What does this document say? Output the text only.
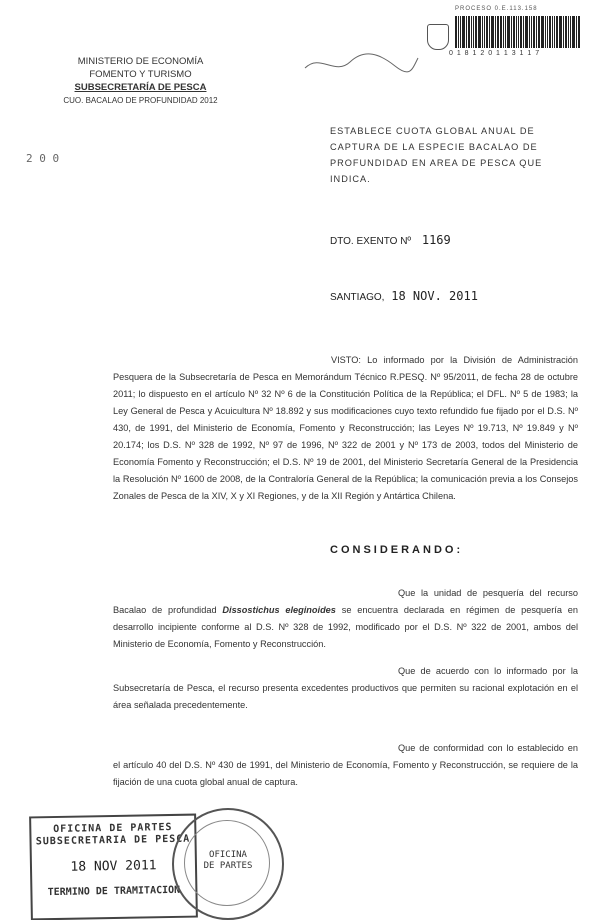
MINISTERIO DE ECONOMÍA
FOMENTO Y TURISMO
SUBSECRETARÍA DE PESCA
CUO. BACALAO DE PROFUNDIDAD 2012
PROCESO 0.E.113.158
0 1 8 1 2 0 1 1 3 1 1 7
2 0 0
ESTABLECE CUOTA GLOBAL ANUAL DE CAPTURA DE LA ESPECIE BACALAO DE PROFUNDIDAD EN AREA DE PESCA QUE INDICA.
DTO. EXENTO Nº 1169
SANTIAGO, 18 NOV. 2011
VISTO: Lo informado por la División de Administración Pesquera de la Subsecretaría de Pesca en Memorándum Técnico R.PESQ. Nº 95/2011, de fecha 28 de octubre 2011; lo dispuesto en el artículo Nº 32 Nº 6 de la Constitución Política de la República; el DFL. Nº 5 de 1983; la Ley General de Pesca y Acuicultura Nº 18.892 y sus modificaciones cuyo texto refundido fue fijado por el D.S. Nº 430, de 1991, del Ministerio de Economía, Fomento y Reconstrucción; las Leyes Nº 19.713, Nº 19.849 y Nº 20.174; los D.S. Nº 328 de 1992, Nº 97 de 1996, Nº 322 de 2001 y Nº 173 de 2003, todos del Ministerio de Economía Fomento y Reconstrucción; el D.S. Nº 19 de 2001, del Ministerio Secretaría General de la Presidencia la Resolución Nº 1600 de 2008, de la Contraloría General de la República; la comunicación previa a los Consejos Zonales de Pesca de la XIV, X y XI Regiones, y de la XII Región y Antártica Chilena.
CONSIDERANDO:
Que la unidad de pesquería del recurso Bacalao de profundidad Dissostichus eleginoides se encuentra declarada en régimen de pesquería en desarrollo incipiente conforme al D.S. Nº 328 de 1992, modificado por el D.S. Nº 322 de 2001, ambos del Ministerio de Economía, Fomento y Reconstrucción.
Que de acuerdo con lo informado por la Subsecretaría de Pesca, el recurso presenta excedentes productivos que permiten su racional explotación en el área señalada precedentemente.
Que de conformidad con lo establecido en el artículo 40 del D.S. Nº 430 de 1991, del Ministerio de Economía, Fomento y Reconstrucción, se requiere de la fijación de una cuota global anual de captura.
OFICINA DE PARTES
SUBSECRETARIA DE PESCA
18 NOV 2011
TERMINO DE TRAMITACION
OFICINA
DE PARTES
